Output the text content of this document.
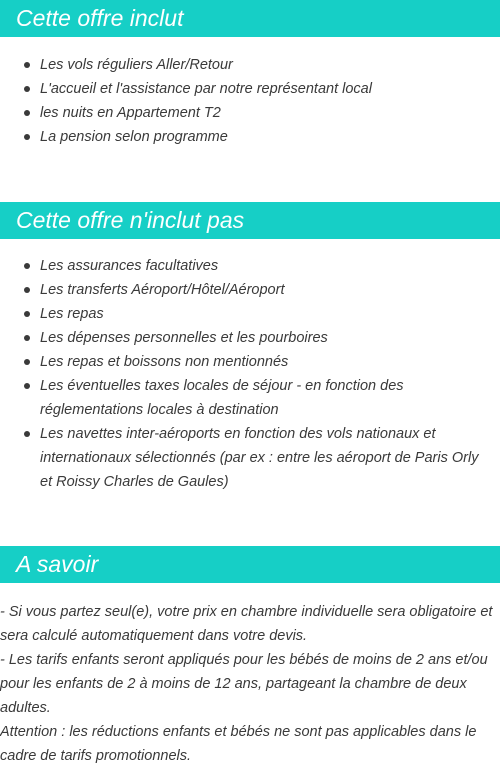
Cette offre inclut
Les vols réguliers Aller/Retour
L'accueil et l'assistance par notre représentant local
les nuits en Appartement T2
La pension selon programme
Cette offre n'inclut pas
Les assurances facultatives
Les transferts Aéroport/Hôtel/Aéroport
Les repas
Les dépenses personnelles et les pourboires
Les repas et boissons non mentionnés
Les éventuelles taxes locales de séjour - en fonction des réglementations locales à destination
Les navettes inter-aéroports en fonction des vols nationaux et internationaux sélectionnés (par ex : entre les aéroport de Paris Orly et Roissy Charles de Gaules)
A savoir

- Si vous partez seul(e), votre prix en chambre individuelle sera obligatoire et sera calculé automatiquement dans votre devis.

- Les tarifs enfants seront appliqués pour les bébés de moins de 2 ans et/ou pour les enfants de 2 à moins de 12 ans, partageant la chambre de deux adultes.

Attention : les réductions enfants et bébés ne sont pas applicables dans le cadre de tarifs promotionnels.
